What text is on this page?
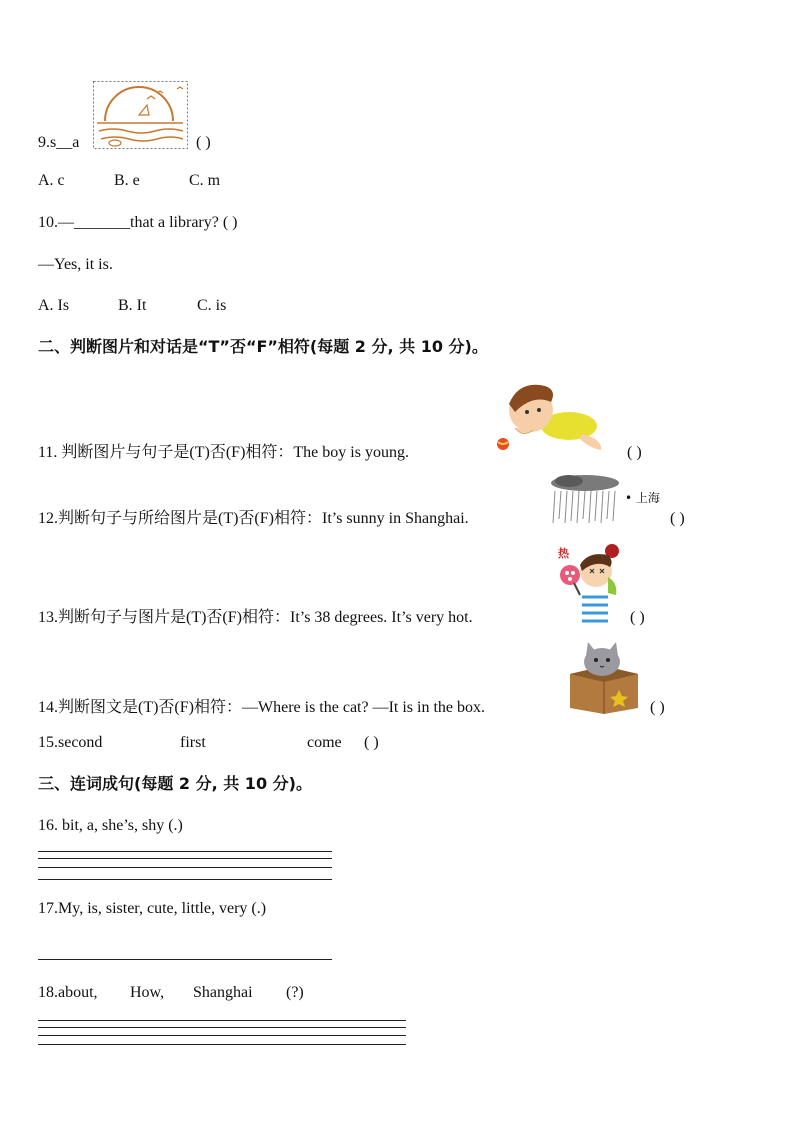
9.s__a	( )
A. c	B. e	C. m
10.—_______that a library? ( )
—Yes, it is.
A. Is	B. It	C. is
二、判断图片和对话是“T”否“F”相符(每题 2 分, 共 10 分)。
11. 判断图片与句子是(T)否(F)相符：The boy is young.	( )
12.判断句子与所给图片是(T)否(F)相符：It’s sunny in Shanghai.
• 上海
( )
13.判断句子与图片是(T)否(F)相符：It’s 38 degrees. It’s very hot.
热
( )
14.判断图文是(T)否(F)相符：—Where is the cat? —It is in the box.	( )
15.second	first	come ( )
三、连词成句(每题 2 分, 共 10 分)。
16. bit, a, she’s, shy (.)
17.My, is, sister, cute, little, very (.)
18.about, How, Shanghai (?)
